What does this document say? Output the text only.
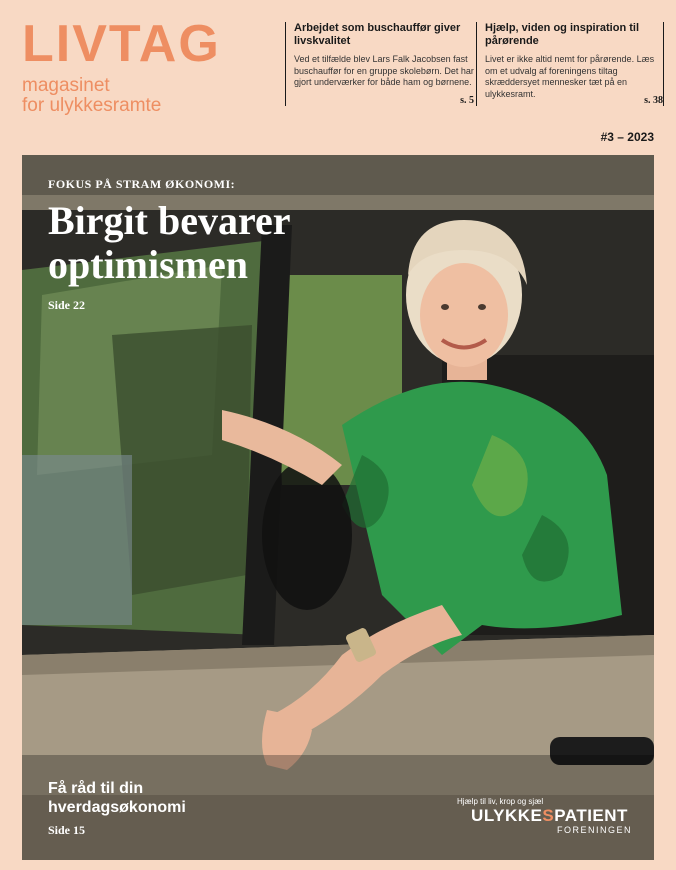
LIVTAG
magasinet
for ulykkesramte
Arbejdet som buschauffør giver livskvalitet

Ved et tilfælde blev Lars Falk Jacobsen fast buschauffør for en gruppe skolebørn. Det har gjort underværker for både ham og børnene.

s. 5
Hjælp, viden og inspiration til pårørende

Livet er ikke altid nemt for pårørende. Læs om et udvalg af foreningens tiltag skræddersyet mennesker tæt på en ulykkesramt.

s. 38
#3 – 2023
FOKUS PÅ STRAM ØKONOMI:
Birgit bevarer optimismen
Side 22
Få råd til din hverdagsøkonomi
Side 15
Hjælp til liv, krop og sjæl
ULYKKESPATIENT
FORENINGEN
